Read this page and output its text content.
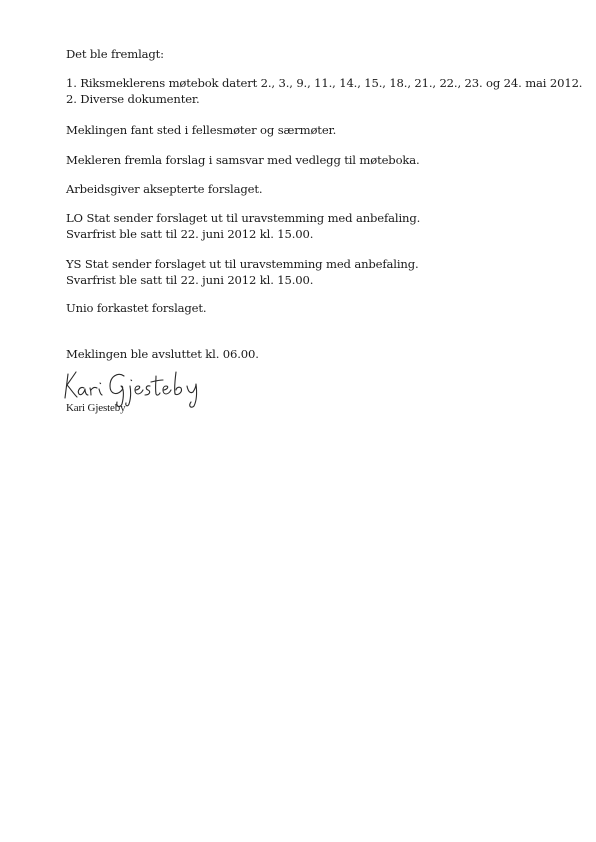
Det ble fremlagt:

1. Riksmeklerens møtebok datert 2., 3., 9., 11., 14., 15., 18., 21., 22., 23. og 24. mai 2012.

2. Diverse dokumenter.

Meklingen fant sted i fellesmøter og særmøter.

Mekleren fremla forslag i samsvar med vedlegg til møteboka.

Arbeidsgiver aksepterte forslaget.

LO Stat sender forslaget ut til uravstemming med anbefaling.

Svarfrist ble satt til 22. juni 2012 kl. 15.00.

YS Stat sender forslaget ut til uravstemming med anbefaling.

Svarfrist ble satt til 22. juni 2012 kl. 15.00.

Unio forkastet forslaget.

Meklingen ble avsluttet kl. 06.00.

Kari Gjesteby
